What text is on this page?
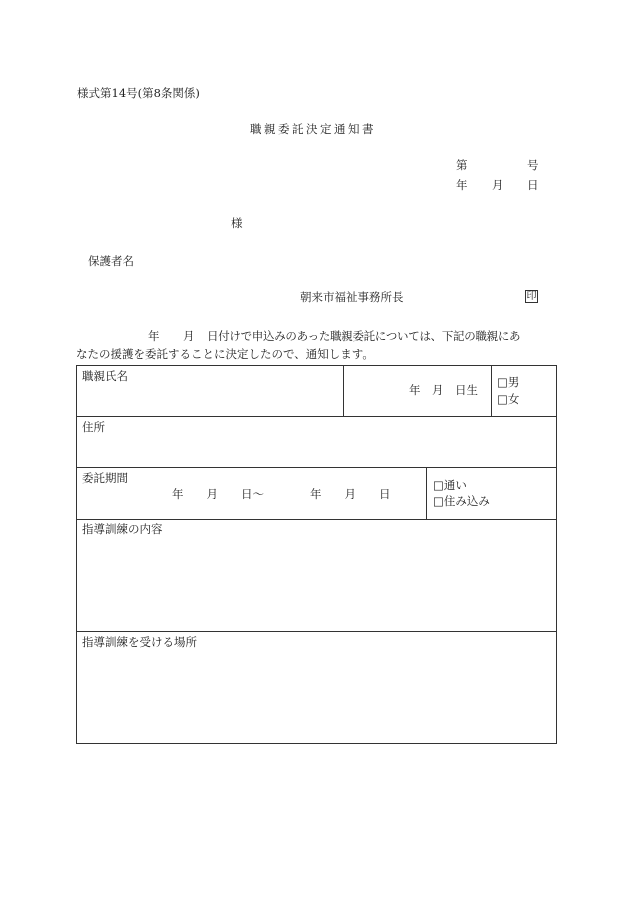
様式第14号(第8条関係)
職親委託決定通知書
第	号
年 月 日
様
保護者名
朝来市福祉事務所長	印
年 月 日付けで申込みのあった職親委託については、下記の職親にあ
なたの援護を委託することに決定したので、通知します。
職親氏名
年　月　日生
□男
□女
住所
委託期間
年　　月　　日～　　　　年　　月　　日
□通い
□住み込み
指導訓練の内容
指導訓練を受ける場所
